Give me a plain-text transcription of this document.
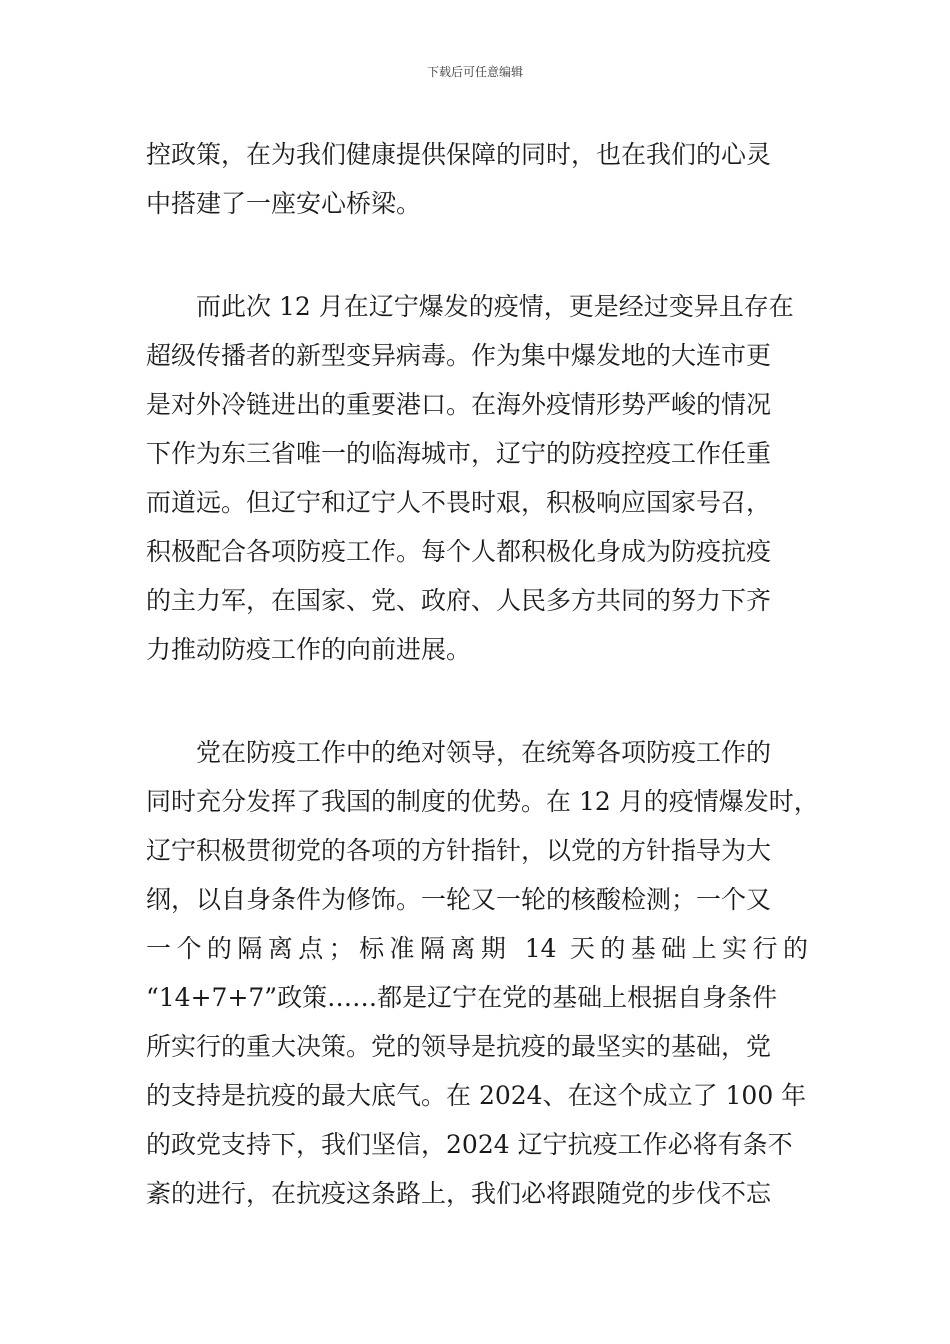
下载后可任意编辑
控政策，在为我们健康提供保障的同时，也在我们的心灵
中搭建了一座安心桥梁。
而此次 12 月在辽宁爆发的疫情，更是经过变异且存在
超级传播者的新型变异病毒。作为集中爆发地的大连市更
是对外冷链进出的重要港口。在海外疫情形势严峻的情况
下作为东三省唯一的临海城市，辽宁的防疫控疫工作任重
而道远。但辽宁和辽宁人不畏时艰，积极响应国家号召，
积极配合各项防疫工作。每个人都积极化身成为防疫抗疫
的主力军，在国家、党、政府、人民多方共同的努力下齐
力推动防疫工作的向前进展。
党在防疫工作中的绝对领导，在统筹各项防疫工作的
同时充分发挥了我国的制度的优势。在 12 月的疫情爆发时，
辽宁积极贯彻党的各项的方针指针，以党的方针指导为大
纲，以自身条件为修饰。一轮又一轮的核酸检测；一个又
一个的隔离点；标准隔离期 14 天的基础上实行的
“14+7+7”政策……都是辽宁在党的基础上根据自身条件
所实行的重大决策。党的领导是抗疫的最坚实的基础，党
的支持是抗疫的最大底气。在 2024、在这个成立了 100 年
的政党支持下，我们坚信，2024 辽宁抗疫工作必将有条不
紊的进行，在抗疫这条路上，我们必将跟随党的步伐不忘
